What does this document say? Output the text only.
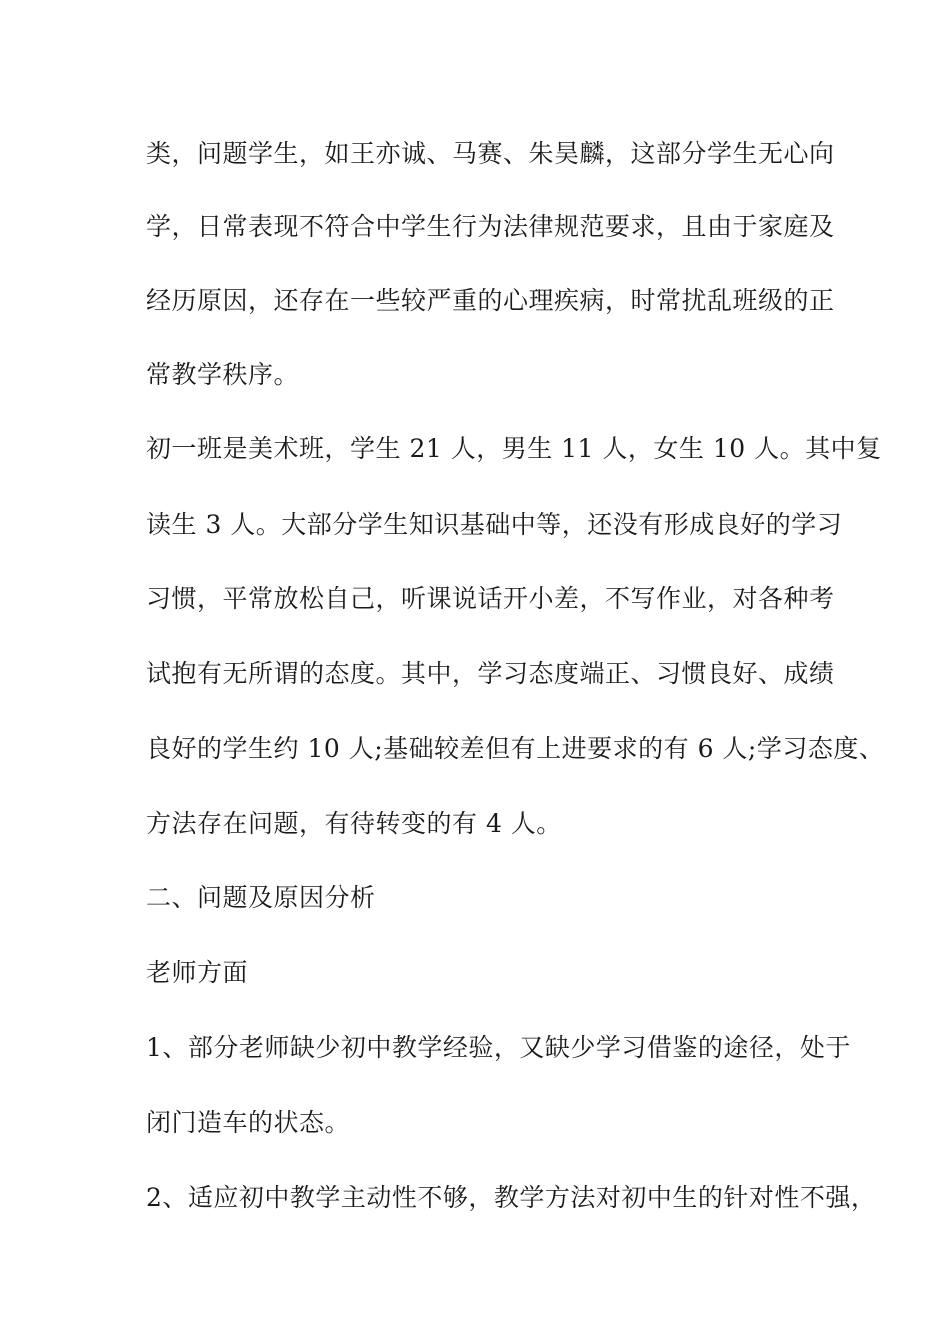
类，问题学生，如王亦诚、马赛、朱昊麟，这部分学生无心向

学，日常表现不符合中学生行为法律规范要求，且由于家庭及

经历原因，还存在一些较严重的心理疾病，时常扰乱班级的正

常教学秩序。

初一班是美术班，学生 21 人，男生 11 人，女生 10 人。其中复

读生 3 人。大部分学生知识基础中等，还没有形成良好的学习

习惯，平常放松自己，听课说话开小差，不写作业，对各种考

试抱有无所谓的态度。其中，学习态度端正、习惯良好、成绩

良好的学生约 10 人;基础较差但有上进要求的有 6 人;学习态度、

方法存在问题，有待转变的有 4 人。

二、问题及原因分析

老师方面

1、部分老师缺少初中教学经验，又缺少学习借鉴的途径，处于

闭门造车的状态。

2、适应初中教学主动性不够，教学方法对初中生的针对性不强，
